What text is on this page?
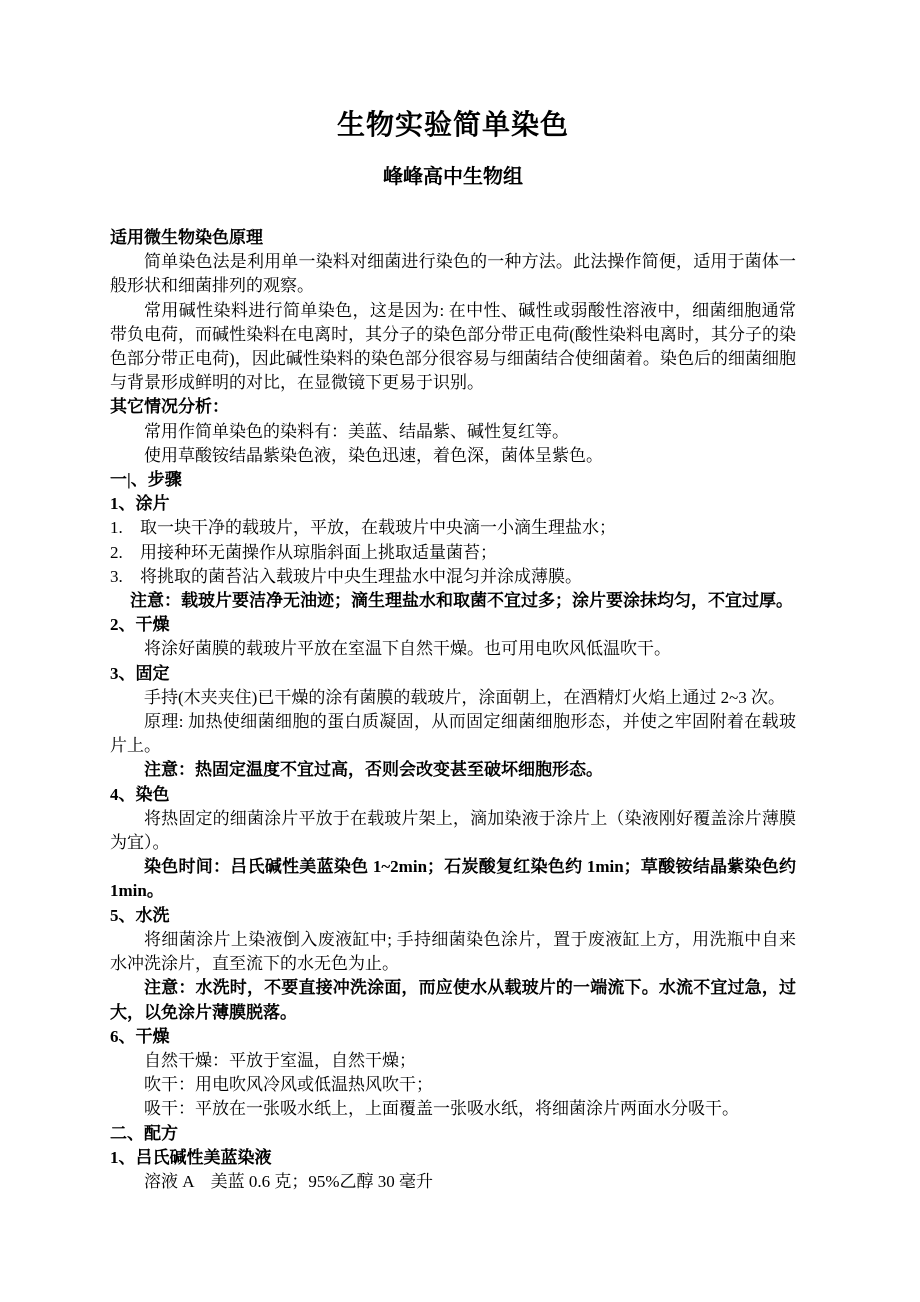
生物实验简单染色
峰峰高中生物组
适用微生物染色原理
简单染色法是利用单一染料对细菌进行染色的一种方法。此法操作简便，适用于菌体一般形状和细菌排列的观察。
常用碱性染料进行简单染色，这是因为: 在中性、碱性或弱酸性溶液中，细菌细胞通常带负电荷，而碱性染料在电离时，其分子的染色部分带正电荷(酸性染料电离时，其分子的染色部分带正电荷)，因此碱性染料的染色部分很容易与细菌结合使细菌着。染色后的细菌细胞与背景形成鲜明的对比，在显微镜下更易于识别。
其它情况分析：
常用作简单染色的染料有：美蓝、结晶紫、碱性复红等。
使用草酸铵结晶紫染色液，染色迅速，着色深，菌体呈紫色。
一|、步骤
1、涂片
1.	取一块干净的载玻片，平放，在载玻片中央滴一小滴生理盐水；
2.	用接种环无菌操作从琼脂斜面上挑取适量菌苔；
3.	将挑取的菌苔沾入载玻片中央生理盐水中混匀并涂成薄膜。
注意：载玻片要洁净无油迹；滴生理盐水和取菌不宜过多；涂片要涂抹均匀，不宜过厚。
2、干燥
将涂好菌膜的载玻片平放在室温下自然干燥。也可用电吹风低温吹干。
3、固定
手持(木夹夹住)已干燥的涂有菌膜的载玻片，涂面朝上，在酒精灯火焰上通过 2~3 次。
原理: 加热使细菌细胞的蛋白质凝固，从而固定细菌细胞形态，并使之牢固附着在载玻片上。
注意：热固定温度不宜过高，否则会改变甚至破坏细胞形态。
4、染色
将热固定的细菌涂片平放于在载玻片架上，滴加染液于涂片上（染液刚好覆盖涂片薄膜为宜）。
染色时间：吕氏碱性美蓝染色 1~2min；石炭酸复红染色约 1min；草酸铵结晶紫染色约 1min。
5、水洗
将细菌涂片上染液倒入废液缸中; 手持细菌染色涂片，置于废液缸上方，用洗瓶中自来水冲洗涂片，直至流下的水无色为止。
注意：水洗时，不要直接冲洗涂面，而应使水从载玻片的一端流下。水流不宜过急，过大，以免涂片薄膜脱落。
6、干燥
自然干燥：平放于室温，自然干燥；
吹干：用电吹风冷风或低温热风吹干；
吸干：平放在一张吸水纸上，上面覆盖一张吸水纸，将细菌涂片两面水分吸干。
二、配方
1、吕氏碱性美蓝染液
溶液 A　美蓝 0.6 克；95%乙醇 30 毫升
